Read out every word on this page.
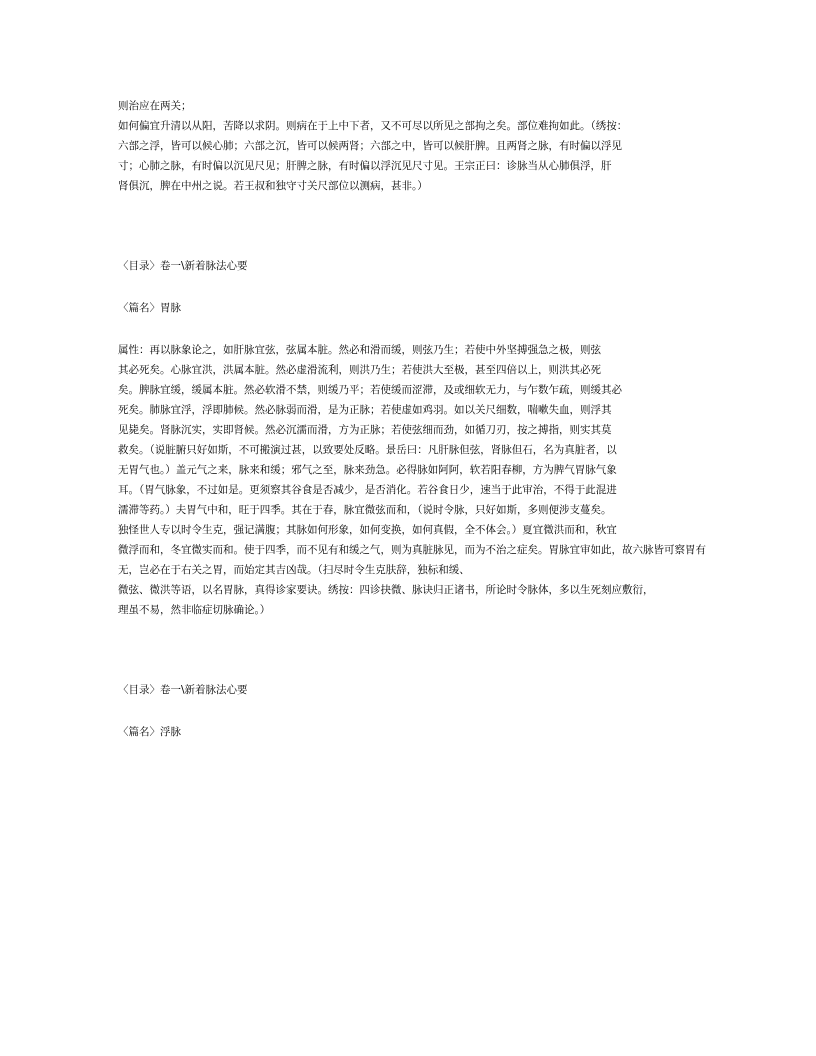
则治应在两关；

如何偏宜升清以从阳，苦降以求阴。则病在于上中下者，又不可尽以所见之部拘之矣。部位难拘如此。（绣按：

六部之浮，皆可以候心肺；六部之沉，皆可以候两肾；六部之中，皆可以候肝脾。且两肾之脉，有时偏以浮见

寸；心肺之脉，有时偏以沉见尺见；肝脾之脉，有时偏以浮沉见尺寸见。王宗正曰：诊脉当从心肺俱浮，肝

肾俱沉，脾在中州之说。若王叔和独守寸关尺部位以测病，甚非。）

〈目录〉卷一\新着脉法心要

〈篇名〉胃脉

属性：再以脉象论之，如肝脉宜弦，弦属本脏。然必和滑而缓，则弦乃生；若使中外坚搏强急之极，则弦

其必死矣。心脉宜洪，洪属本脏。然必虚滑流利，则洪乃生；若使洪大至极，甚至四倍以上，则洪其必死

矣。脾脉宜缓，缓属本脏。然必软滑不禁，则缓乃平；若使缓而涩滞，及或细软无力，与乍数乍疏，则缓其必

死矣。肺脉宜浮，浮即肺候。然必脉弱而滑，是为正脉；若使虚如鸡羽。如以关尺细数，喘嗽失血，则浮其

见毙矣。肾脉沉实，实即肾候。然必沉濡而滑，方为正脉；若使弦细而劲，如循刀刃，按之搏指，则实其莫

救矣。（说脏腑只好如斯，不可搬演过甚，以致要处反略。景岳曰：凡肝脉但弦，肾脉但石，名为真脏者，以

无胃气也。）盖元气之来，脉来和缓；邪气之至，脉来劲急。必得脉如阿阿，软若阳春柳，方为脾气胃脉气象

耳。（胃气脉象，不过如是。更须察其谷食是否减少，是否消化。若谷食日少，速当于此审治，不得于此混进

濡滞等药。）夫胃气中和，旺于四季。其在于春，脉宜微弦而和，（说时令脉，只好如斯，多则便涉支蔓矣。

独怪世人专以时令生克，强记满腹；其脉如何形象，如何变换，如何真假，全不体会。）夏宜微洪而和，秋宜

微浮而和，冬宜微实而和。使于四季，而不见有和缓之气，则为真脏脉见，而为不治之症矣。胃脉宜审如此，故六脉皆可察胃有无，岂必在于右关之胃，而始定其吉凶哉。（扫尽时令生克肤辞，独标和缓、

微弦、微洪等语，以名胃脉，真得诊家要诀。绣按：四诊抉微、脉诀归正诸书，所论时令脉体，多以生死刻应敷衍，

理虽不易，然非临症切脉确论。）

〈目录〉卷一\新着脉法心要

〈篇名〉浮脉
